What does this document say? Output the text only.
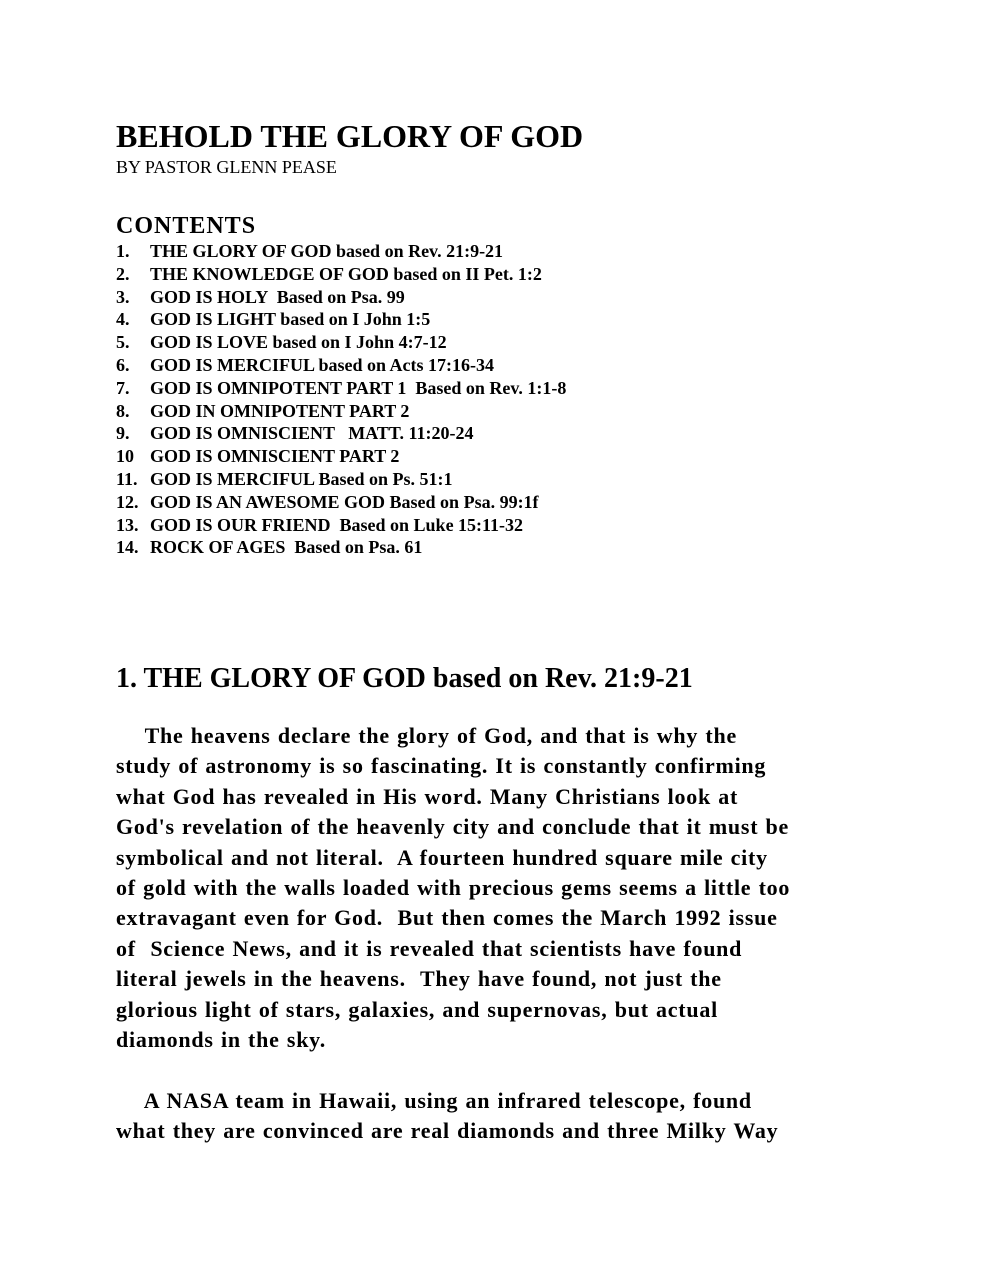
BEHOLD THE GLORY OF GOD

BY PASTOR GLENN PEASE

CONTENTS
1. THE GLORY OF GOD based on Rev. 21:9-21
2. THE KNOWLEDGE OF GOD based on II Pet. 1:2
3. GOD IS HOLY  Based on Psa. 99
4. GOD IS LIGHT based on I John 1:5
5. GOD IS LOVE based on I John 4:7-12
6. GOD IS MERCIFUL based on Acts 17:16-34
7. GOD IS OMNIPOTENT PART 1  Based on Rev. 1:1-8
8. GOD IN OMNIPOTENT PART 2
9. GOD IS OMNISCIENT   MATT. 11:20-24
10 GOD IS OMNISCIENT PART 2
11. GOD IS MERCIFUL Based on Ps. 51:1
12. GOD IS AN AWESOME GOD Based on Psa. 99:1f
13. GOD IS OUR FRIEND  Based on Luke 15:11-32
14. ROCK OF AGES  Based on Psa. 61
1. THE GLORY OF GOD based on Rev. 21:9-21

The heavens declare the glory of God, and that is why the
study of astronomy is so fascinating. It is constantly confirming
what God has revealed in His word. Many Christians look at
God's revelation of the heavenly city and conclude that it must be
symbolical and not literal.  A fourteen hundred square mile city
of gold with the walls loaded with precious gems seems a little too
extravagant even for God.  But then comes the March 1992 issue
of  Science News, and it is revealed that scientists have found
literal jewels in the heavens.  They have found, not just the
glorious light of stars, galaxies, and supernovas, but actual
diamonds in the sky.

A NASA team in Hawaii, using an infrared telescope, found
what they are convinced are real diamonds and three Milky Way
